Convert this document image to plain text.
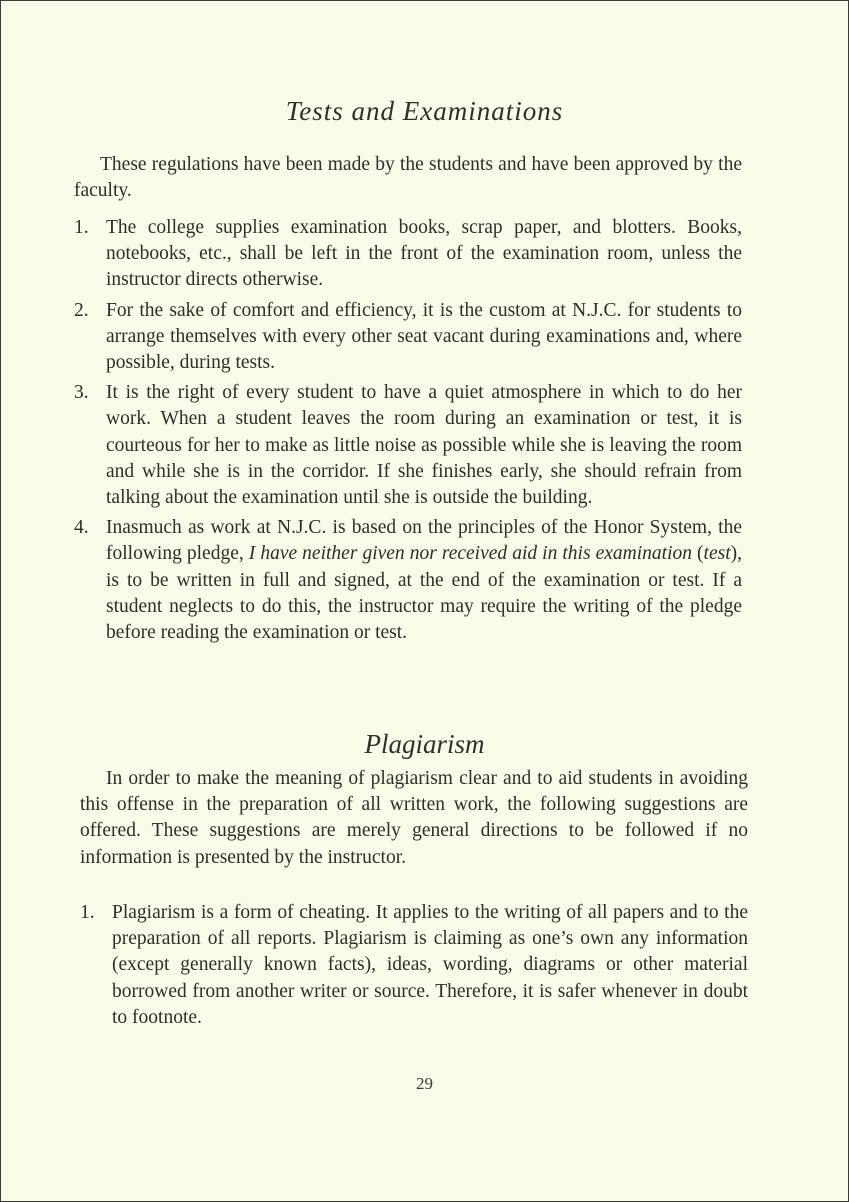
Tests and Examinations
These regulations have been made by the students and have been approved by the faculty.
1. The college supplies examination books, scrap paper, and blotters. Books, notebooks, etc., shall be left in the front of the examination room, unless the instructor directs otherwise.
2. For the sake of comfort and efficiency, it is the custom at N.J.C. for students to arrange themselves with every other seat vacant during examinations and, where possible, during tests.
3. It is the right of every student to have a quiet atmosphere in which to do her work. When a student leaves the room during an examination or test, it is courteous for her to make as little noise as possible while she is leaving the room and while she is in the corridor. If she finishes early, she should refrain from talking about the examination until she is outside the building.
4. Inasmuch as work at N.J.C. is based on the principles of the Honor System, the following pledge, I have neither given nor received aid in this examination (test), is to be written in full and signed, at the end of the examination or test. If a student neglects to do this, the instructor may require the writing of the pledge before reading the examination or test.
Plagiarism
In order to make the meaning of plagiarism clear and to aid students in avoiding this offense in the preparation of all written work, the following suggestions are offered. These suggestions are merely general directions to be followed if no information is presented by the instructor.
1. Plagiarism is a form of cheating. It applies to the writing of all papers and to the preparation of all reports. Plagiarism is claiming as one’s own any information (except generally known facts), ideas, wording, diagrams or other material borrowed from another writer or source. Therefore, it is safer whenever in doubt to footnote.
29
